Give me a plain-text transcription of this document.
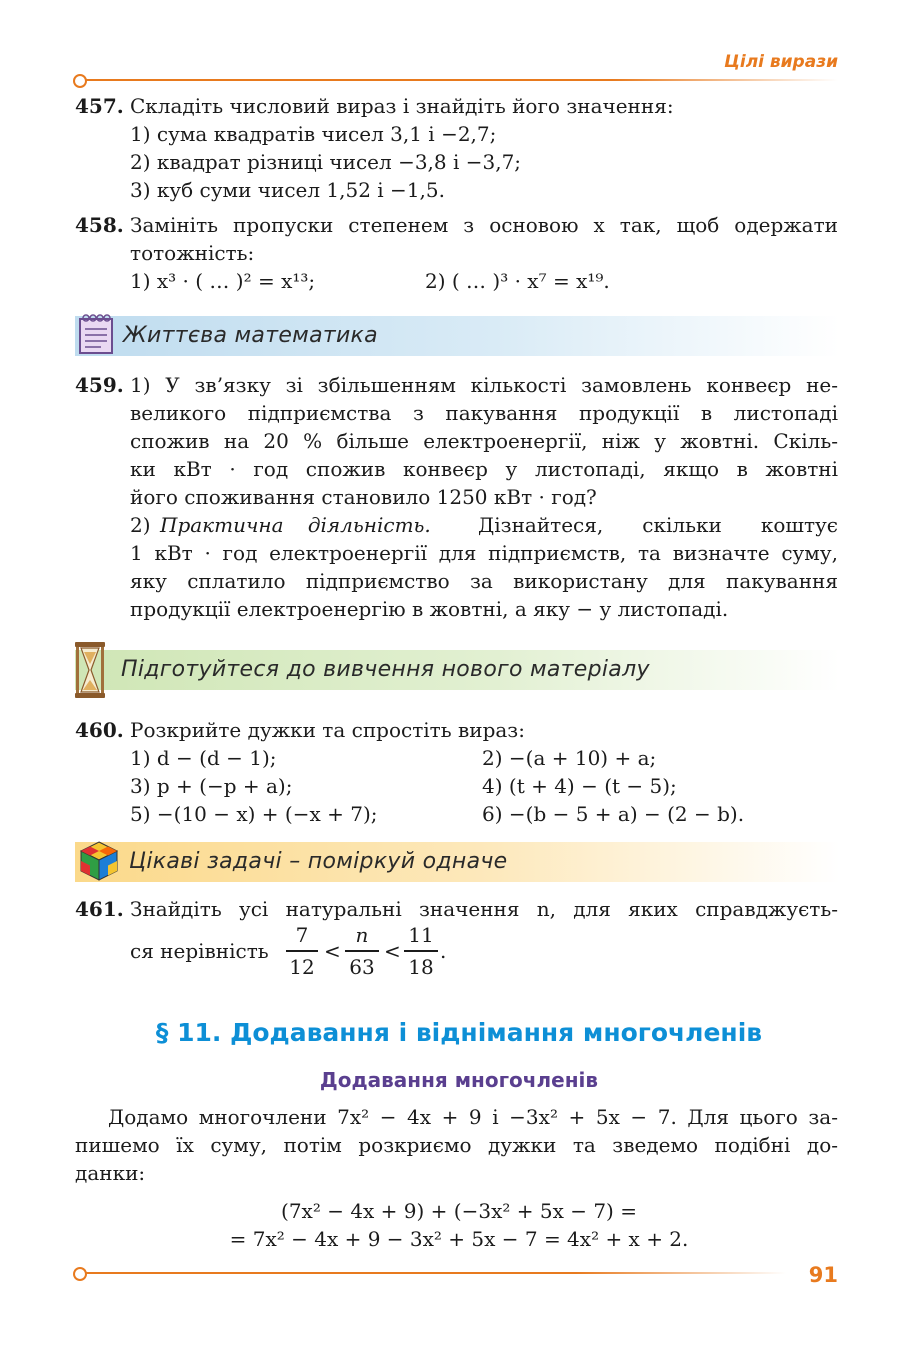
Цілі вирази
457. Складіть числовий вираз і знайдіть його значення:
1) сума квадратів чисел 3,1 і −2,7;
2) квадрат різниці чисел −3,8 і −3,7;
3) куб суми чисел 1,52 і −1,5.
458. Замініть пропуски степенем з основою x так, щоб одержати
тотожність:
1) x³ · ( … )² = x¹³;	2) ( … )³ · x⁷ = x¹⁹.
Життєва математика
459. 1) У зв’язку зі збільшенням кількості замовлень конвеєр не-
великого підприємства з пакування продукції в листопаді
спожив на 20 % більше електроенергії, ніж у жовтні. Скіль-
ки кВт · год спожив конвеєр у листопаді, якщо в жовтні
його споживання становило 1250 кВт · год?
2) Практична діяльність. Дізнайтеся, скільки коштує
1 кВт · год електроенергії для підприємств, та визначте суму,
яку сплатило підприємство за використану для пакування
продукції електроенергію в жовтні, а яку − у листопаді.
Підготуйтеся до вивчення нового матеріалу
460. Розкрийте дужки та спростіть вираз:
1) d − (d − 1);	2) −(a + 10) + a;
3) p + (−p + a);	4) (t + 4) − (t − 5);
5) −(10 − x) + (−x + 7);	6) −(b − 5 + a) − (2 − b).
Цікаві задачі – поміркуй одначе
461. Знайдіть усі натуральні значення n, для яких справджуєть-
ся нерівність
7
12
<
n
63
<
11
18
.
§ 11. Додавання і віднімання многочленів
Додавання многочленів
Додамо многочлени 7x² − 4x + 9 і −3x² + 5x − 7. Для цього за-
пишемо їх суму, потім розкриємо дужки та зведемо подібні до-
данки:
(7x² − 4x + 9) + (−3x² + 5x − 7) =
= 7x² − 4x + 9 − 3x² + 5x − 7 = 4x² + x + 2.
91
